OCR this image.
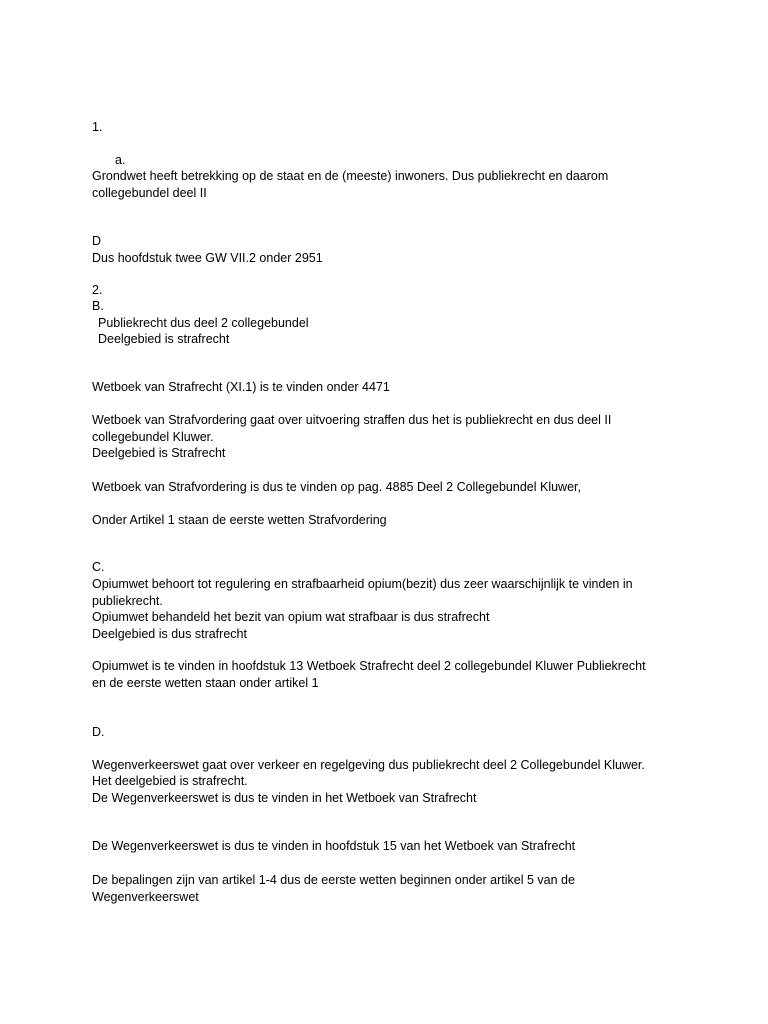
1.
a.
Grondwet heeft betrekking op de staat en de (meeste) inwoners. Dus publiekrecht en daarom
collegebundel deel II
D
Dus hoofdstuk twee GW VII.2 onder 2951
2.
B.
Publiekrecht dus deel 2 collegebundel
Deelgebied is strafrecht
Wetboek van Strafrecht (XI.1) is te vinden onder 4471
Wetboek van Strafvordering gaat over uitvoering straffen dus het is publiekrecht en dus deel II
collegebundel Kluwer.
Deelgebied is Strafrecht
Wetboek van Strafvordering is dus te vinden op pag. 4885 Deel 2 Collegebundel Kluwer,
Onder Artikel 1 staan de eerste wetten Strafvordering
C.
Opiumwet behoort tot regulering en strafbaarheid opium(bezit) dus zeer waarschijnlijk te vinden in
publiekrecht.
Opiumwet behandeld het bezit van opium wat strafbaar is dus strafrecht
Deelgebied is dus strafrecht
Opiumwet is te vinden in hoofdstuk 13 Wetboek Strafrecht deel 2 collegebundel Kluwer Publiekrecht
en de eerste wetten staan onder artikel 1
D.
Wegenverkeerswet gaat over verkeer en regelgeving dus publiekrecht deel 2 Collegebundel Kluwer.
Het deelgebied is strafrecht.
De Wegenverkeerswet is dus te vinden in het Wetboek van Strafrecht
De Wegenverkeerswet is dus te vinden in hoofdstuk 15 van het Wetboek van Strafrecht
De bepalingen zijn van artikel 1-4 dus de eerste wetten beginnen onder artikel 5 van de
Wegenverkeerswet
